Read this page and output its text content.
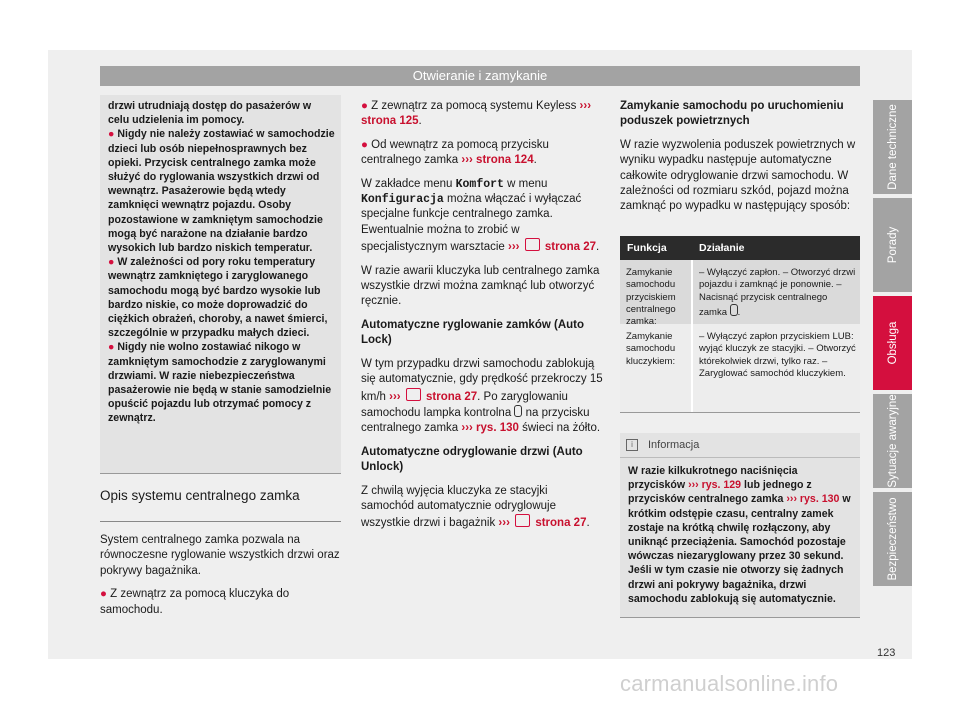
Otwieranie i zamykanie

drzwi utrudniają dostęp do pasażerów w celu udzielenia im pomocy.

● Nigdy nie należy zostawiać w samochodzie dzieci lub osób niepełnosprawnych bez opieki. Przycisk centralnego zamka może służyć do ryglowania wszystkich drzwi od wewnątrz. Pasażerowie będą wtedy zamknięci wewnątrz pojazdu. Osoby pozostawione w zamkniętym samochodzie mogą być narażone na działanie bardzo wysokich lub bardzo niskich temperatur.

● W zależności od pory roku temperatury wewnątrz zamkniętego i zaryglowanego samochodu mogą być bardzo wysokie lub bardzo niskie, co może doprowadzić do ciężkich obrażeń, choroby, a nawet śmierci, szczególnie w przypadku małych dzieci.

● Nigdy nie wolno zostawiać nikogo w zamkniętym samochodzie z zaryglowanymi drzwiami. W razie niebezpieczeństwa pasażerowie nie będą w stanie samodzielnie opuścić pojazdu lub otrzymać pomocy z zewnątrz.

Opis systemu centralnego zamka

System centralnego zamka pozwala na równoczesne ryglowanie wszystkich drzwi oraz pokrywy bagażnika.

● Z zewnątrz za pomocą kluczyka do samochodu.

● Z zewnątrz za pomocą systemu Keyless ››› strona 125.

● Od wewnątrz za pomocą przycisku centralnego zamka ››› strona 124.

W zakładce menu Komfort w menu Konfiguracja można włączać i wyłączać specjalne funkcje centralnego zamka. Ewentualnie można to zrobić w specjalistycznym warsztacie ››› strona 27.

W razie awarii kluczyka lub centralnego zamka wszystkie drzwi można zamknąć lub otworzyć ręcznie.

Automatyczne ryglowanie zamków (Auto Lock)

W tym przypadku drzwi samochodu zablokują się automatycznie, gdy prędkość przekroczy 15 km/h ››› strona 27. Po zaryglowaniu samochodu lampka kontrolna na przycisku centralnego zamka ››› rys. 130 świeci na żółto.

Automatyczne odryglowanie drzwi (Auto Unlock)

Z chwilą wyjęcia kluczyka ze stacyjki samochód automatycznie odryglowuje wszystkie drzwi i bagażnik ››› strona 27.

Zamykanie samochodu po uruchomieniu poduszek powietrznych

W razie wyzwolenia poduszek powietrznych w wyniku wypadku następuje automatyczne całkowite odryglowanie drzwi samochodu. W zależności od rozmiaru szkód, pojazd można zamknąć po wypadku w następujący sposób:

Funkcja	Działanie
Zamykanie samochodu przyciskiem centralnego zamka:
– Wyłączyć zapłon. – Otworzyć drzwi pojazdu i zamknąć je ponownie. –Nacisnąć przycisk centralnego zamka .
Zamykanie samochodu kluczykiem:
– Wyłączyć zapłon przyciskiem LUB: wyjąć kluczyk ze stacyjki. – Otworzyć którekolwiek drzwi, tylko raz. – Zaryglować samochód kluczykiem.
i	Informacja
W razie kilkukrotnego naciśnięcia przycisków ››› rys. 129 lub jednego z przycisków centralnego zamka ››› rys. 130 w krótkim odstępie czasu, centralny zamek zostaje na krótką chwilę rozłączony, aby uniknąć przeciążenia. Samochód pozostaje wówczas niezaryglowany przez 30 sekund. Jeśli w tym czasie nie otworzy się żadnych drzwi ani pokrywy bagażnika, drzwi samochodu zablokują się automatycznie.
Dane techniczne
Porady
Obsługa
Sytuacje awaryjne
Bezpieczeństwo
123
carmanualsonline.info
